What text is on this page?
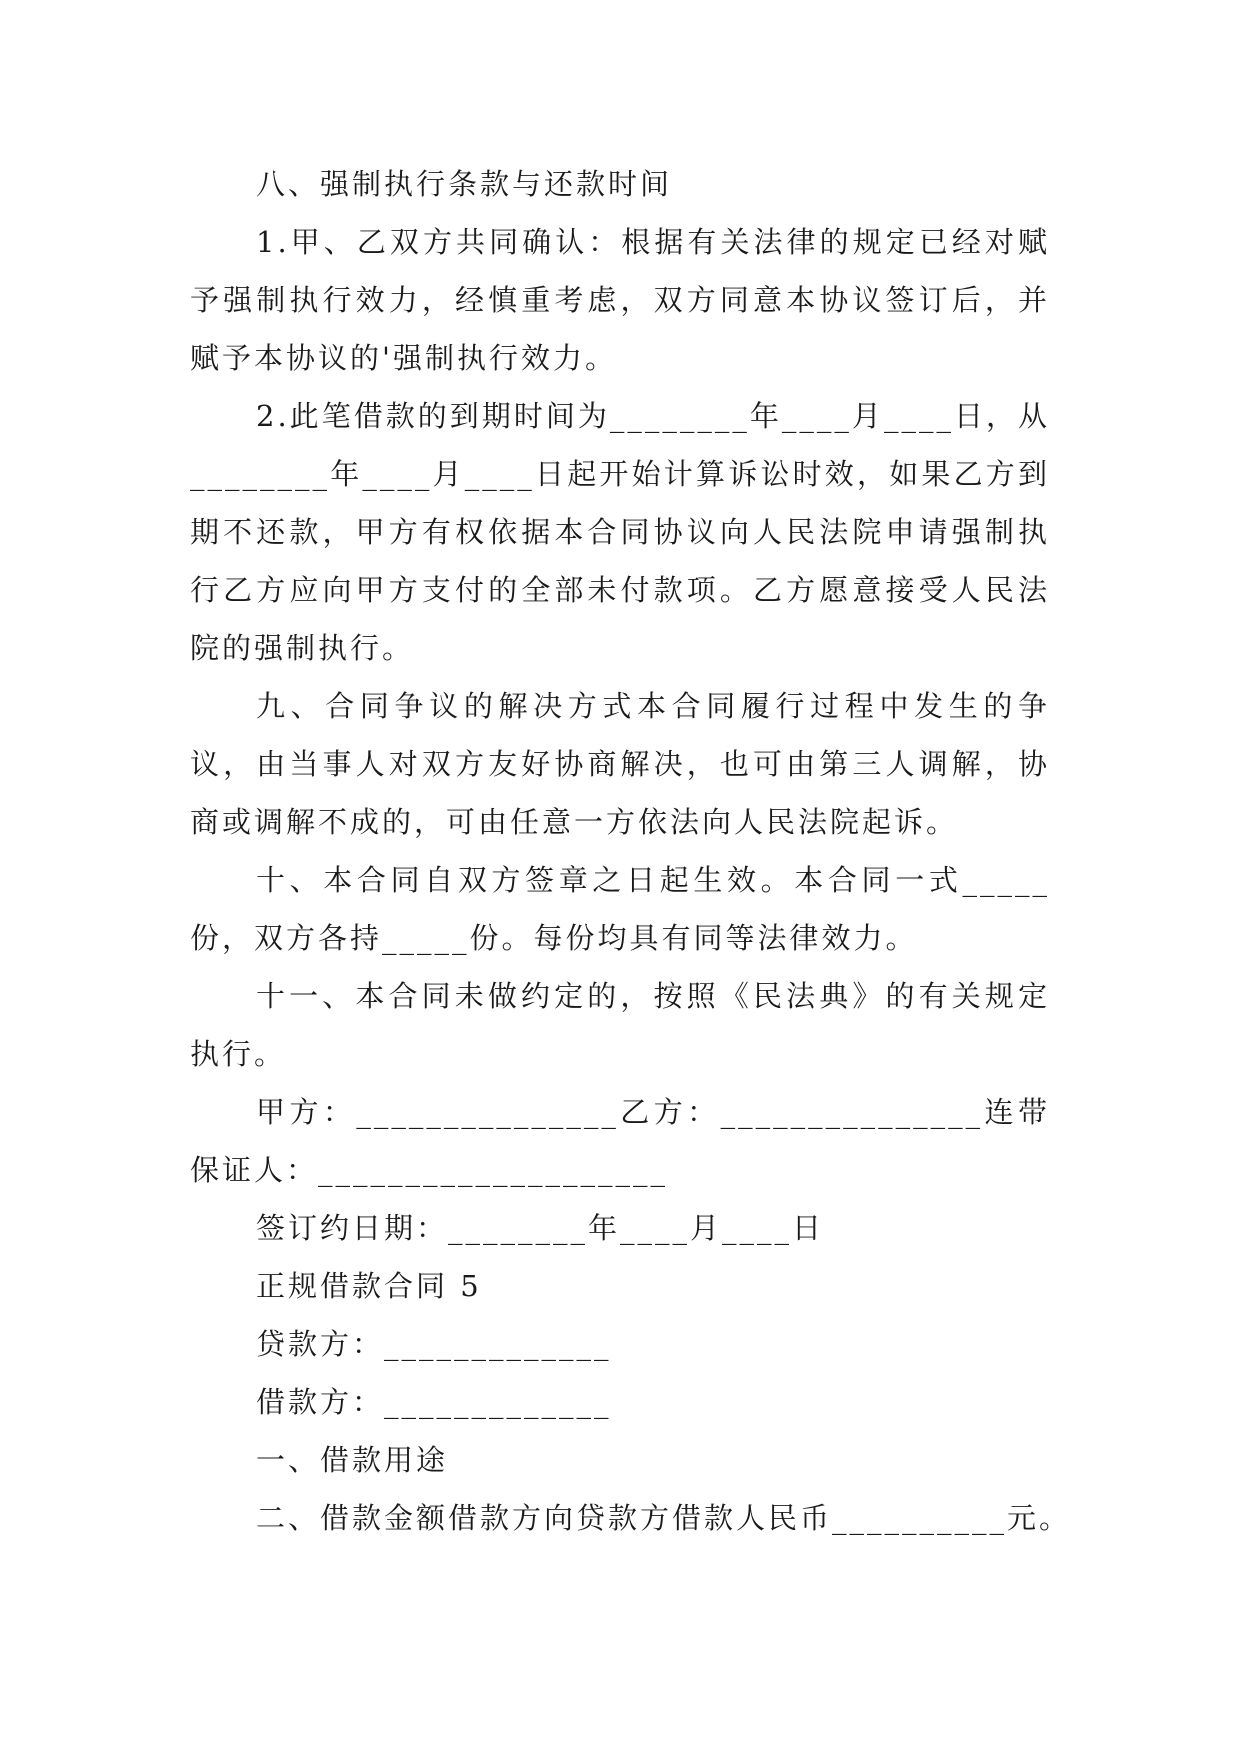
八、强制执行条款与还款时间

1.甲、乙双方共同确认：根据有关法律的规定已经对赋予强制执行效力，经慎重考虑，双方同意本协议签订后，并赋予本协议的'强制执行效力。

2.此笔借款的到期时间为________年____月____日，从________年____月____日起开始计算诉讼时效，如果乙方到期不还款，甲方有权依据本合同协议向人民法院申请强制执行乙方应向甲方支付的全部未付款项。乙方愿意接受人民法院的强制执行。

九、合同争议的解决方式本合同履行过程中发生的争议，由当事人对双方友好协商解决，也可由第三人调解，协商或调解不成的，可由任意一方依法向人民法院起诉。

十、本合同自双方签章之日起生效。本合同一式_____份，双方各持_____份。每份均具有同等法律效力。

十一、本合同未做约定的，按照《民法典》的有关规定执行。

甲方：_______________乙方：_______________连带保证人：____________________

签订约日期：________年____月____日

正规借款合同 5

贷款方：_____________

借款方：_____________

一、借款用途

二、借款金额借款方向贷款方借款人民币__________元。
